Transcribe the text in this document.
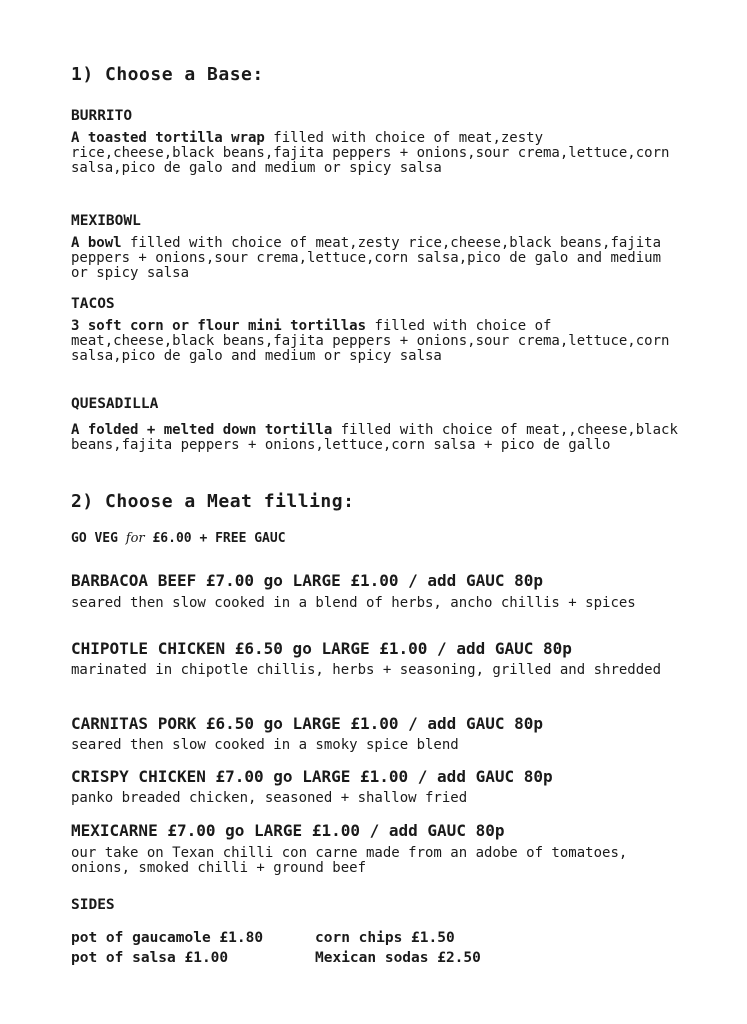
1) Choose a Base:
BURRITO
A toasted tortilla wrap filled with choice of meat,zesty rice,cheese,black beans,fajita peppers + onions,sour crema,lettuce,corn salsa,pico de galo and medium or spicy salsa
MEXIBOWL
A bowl filled with choice of meat,zesty rice,cheese,black beans,fajita peppers + onions,sour crema,lettuce,corn salsa,pico de galo and medium or spicy salsa
TACOS
3 soft corn or flour mini tortillas filled with choice of meat,cheese,black beans,fajita peppers + onions,sour crema,lettuce,corn salsa,pico de galo and medium or spicy salsa
QUESADILLA
A folded + melted down tortilla filled with choice of meat,,cheese,black beans,fajita peppers + onions,lettuce,corn salsa + pico de gallo
2) Choose a Meat filling:
GO VEG for £6.00 + FREE GAUC
BARBACOA BEEF £7.00 go LARGE £1.00 / add GAUC 80p
seared then slow cooked in a blend of herbs, ancho chillis + spices
CHIPOTLE CHICKEN £6.50 go LARGE £1.00 / add GAUC 80p
marinated in chipotle chillis, herbs + seasoning, grilled and shredded
CARNITAS PORK £6.50 go LARGE £1.00 / add GAUC 80p
seared then slow cooked in a smoky spice blend
CRISPY CHICKEN £7.00 go LARGE £1.00 / add GAUC 80p
panko breaded chicken, seasoned + shallow fried
MEXICARNE £7.00 go LARGE £1.00 / add GAUC 80p
our take on Texan chilli con carne made from an adobe of tomatoes, onions, smoked chilli + ground beef
SIDES
pot of gaucamole £1.80	corn chips £1.50
pot of salsa £1.00	Mexican sodas £2.50
